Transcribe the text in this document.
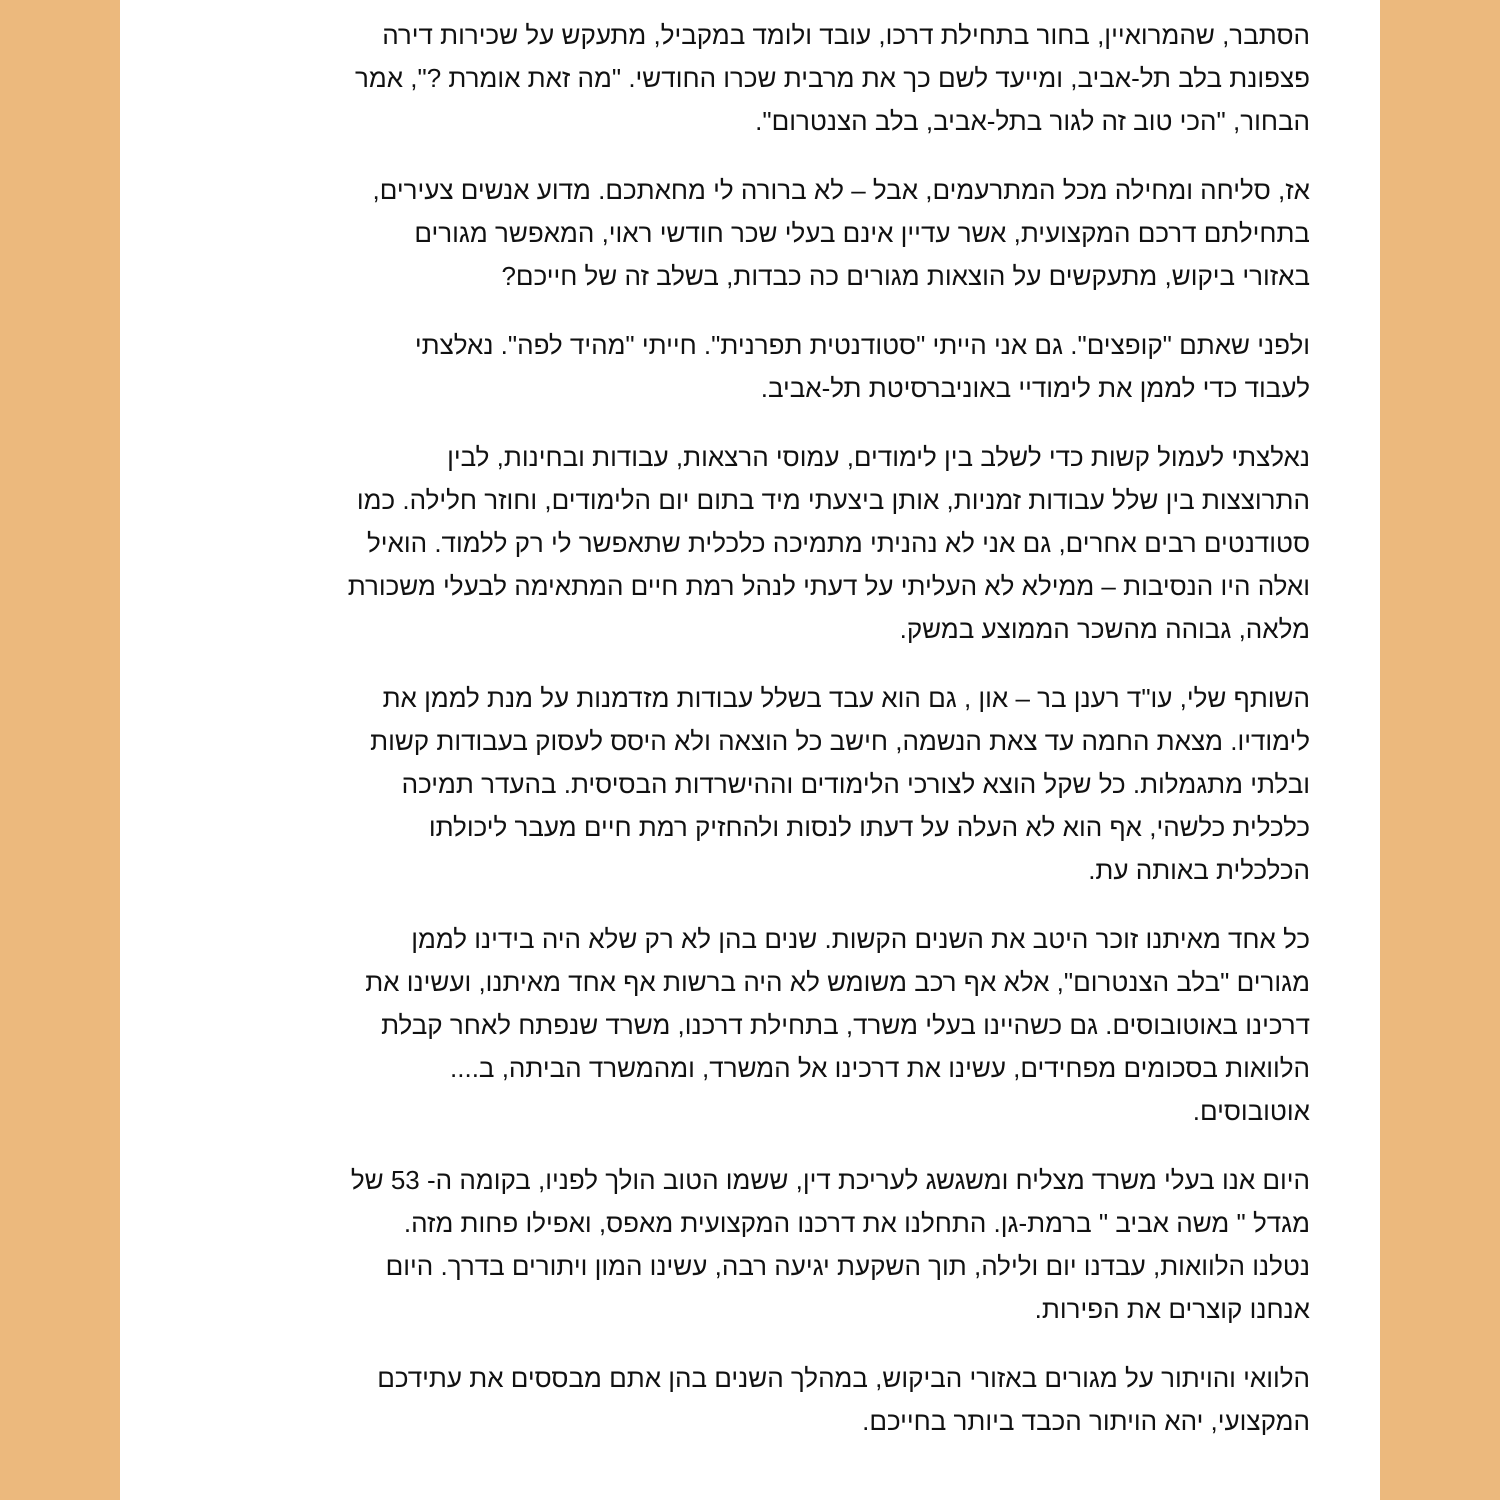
הסתבר, שהמרואיין, בחור בתחילת דרכו, עובד ולומד במקביל, מתעקש על שכירות דירה
פצפונת בלב תל-אביב, ומייעד לשם כך את מרבית שכרו החודשי. "מה זאת אומרת ?", אמר
הבחור, "הכי טוב זה לגור בתל-אביב, בלב הצנטרום".

אז, סליחה ומחילה מכל המתרעמים, אבל – לא ברורה לי מחאתכם. מדוע אנשים צעירים,
בתחילתם דרכם המקצועית, אשר עדיין אינם בעלי שכר חודשי ראוי, המאפשר מגורים
באזורי ביקוש, מתעקשים על הוצאות מגורים כה כבדות, בשלב זה של חייכם?

ולפני שאתם "קופצים". גם אני הייתי "סטודנטית תפרנית". חייתי "מהיד לפה". נאלצתי
לעבוד כדי לממן את לימודיי באוניברסיטת תל-אביב.

נאלצתי לעמול קשות כדי לשלב בין לימודים, עמוסי הרצאות, עבודות ובחינות, לבין
התרוצצות בין שלל עבודות זמניות, אותן ביצעתי מיד בתום יום הלימודים, וחוזר חלילה. כמו
סטודנטים רבים אחרים, גם אני לא נהניתי מתמיכה כלכלית שתאפשר לי רק ללמוד. הואיל
ואלה היו הנסיבות – ממילא לא העליתי על דעתי לנהל רמת חיים המתאימה לבעלי משכורת
מלאה, גבוהה מהשכר הממוצע במשק.

השותף שלי, עו"ד רענן בר – און , גם הוא עבד בשלל עבודות מזדמנות על מנת לממן את
לימודיו. מצאת החמה עד צאת הנשמה, חישב כל הוצאה ולא היסס לעסוק בעבודות קשות
ובלתי מתגמלות. כל שקל הוצא לצורכי הלימודים וההישרדות הבסיסית. בהעדר תמיכה
כלכלית כלשהי, אף הוא לא העלה על דעתו לנסות ולהחזיק רמת חיים מעבר ליכולתו
הכלכלית באותה עת.

כל אחד מאיתנו זוכר היטב את השנים הקשות. שנים בהן לא רק שלא היה בידינו לממן
מגורים "בלב הצנטרום", אלא אף רכב משומש לא היה ברשות אף אחד מאיתנו, ועשינו את
דרכינו באוטובוסים. גם כשהיינו בעלי משרד, בתחילת דרכנו, משרד שנפתח לאחר קבלת
הלוואות בסכומים מפחידים, עשינו את דרכינו אל המשרד, ומהמשרד הביתה, ב....
אוטובוסים.

היום אנו בעלי משרד מצליח ומשגשג לעריכת דין, ששמו הטוב הולך לפניו, בקומה ה- 53 של
מגדל " משה אביב " ברמת-גן. התחלנו את דרכנו המקצועית מאפס, ואפילו פחות מזה.
נטלנו הלוואות, עבדנו יום ולילה, תוך השקעת יגיעה רבה, עשינו המון ויתורים בדרך. היום
אנחנו קוצרים את הפירות.

הלוואי והויתור על מגורים באזורי הביקוש, במהלך השנים בהן אתם מבססים את עתידכם
המקצועי, יהא הויתור הכבד ביותר בחייכם.
